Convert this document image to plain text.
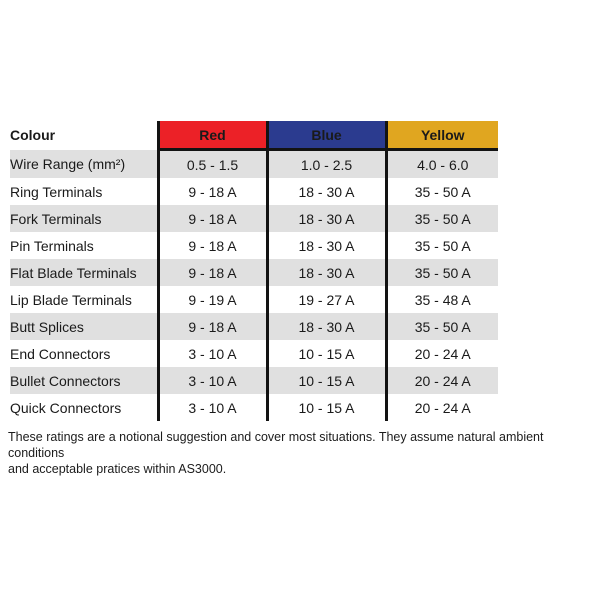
Colour	Red	Blue	Yellow
Wire Range (mm²)	0.5 - 1.5	1.0 - 2.5	4.0 - 6.0
Ring Terminals	9 - 18 A	18 - 30 A	35 - 50 A
Fork Terminals	9 - 18 A	18 - 30 A	35 - 50 A
Pin Terminals	9 - 18 A	18 - 30 A	35 - 50 A
Flat Blade Terminals	9 - 18 A	18 - 30 A	35 - 50 A
Lip Blade Terminals	9 - 19 A	19 - 27 A	35 - 48 A
Butt Splices	9 - 18 A	18 - 30 A	35 - 50 A
End Connectors	3 - 10 A	10 - 15 A	20 - 24 A
Bullet Connectors	3 - 10 A	10 - 15 A	20 - 24 A
Quick Connectors	3 - 10 A	10 - 15 A	20 - 24 A
These ratings are a notional suggestion and cover most situations. They assume natural ambient conditions
and acceptable pratices within AS3000.
